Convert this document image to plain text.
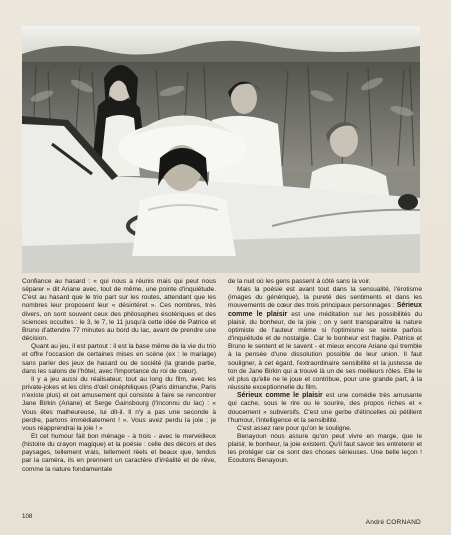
Confiance au hasard : « qui nous a réunis mais qui peut nous séparer » dit Ariane avec, tout de même, une pointe d'inquiétude. C'est au hasard que le trio part sur les routes, attendant que les nombres leur proposent leur « désintéret ». Ces nombres, très divers, on sont souvent ceux des philosophes ésotériques et des sciences occultes : le 3, le 7, le 11 jusqu'à cette idée de Patrice et Bruno d'attendre 77 minutes au bord du lac, avant de prendre une décision.

Quant au jeu, il est partout : il est la base même de la vie du trio et offre l'occasion de certaines mises en scène (ex : le mariage) sans parler des jeux de hasard ou de société (la grande partie, dans les salons de l'hôtel, avec l'importance du roi de cœur).

Il y a jeu aussi du réalisateur, tout au long du film, avec les private-jokes et les clins d'œil cinéphiliques (Paris dimanche, Paris n'existe plus) et cet amusement qui consiste à faire se rencontrer Jane Birkin (Ariane) et Serge Gainsbourg (l'inconnu du lac) : « Vous êtes malheureuse, lui dit-il. Il n'y a pas une seconde à perdre, partons immédiatement ! ». Vous avez perdu la joie ; je vous réapprendrai la joie ! »

Et cet humour fait bon ménage - à trois - avec le merveilleux (histoire du crayon magique) et la poésie : celle des décors et des paysages, tellement vrais, tellement réels et beaux que, tendus par la caméra, ils en prennent un caractère d'irréalité et de rêve, comme la nature fondamentale

de la nuit où les gens passent à côté sans la voir.

Mais la poésie est avant tout dans la sensualité, l'érotisme (images du générique), la pureté des sentiments et dans les mouvements de cœur des trois principaux personnages : Sérieux comme le plaisir est une méditation sur les possibilités du plaisir, du bonheur, de la joie ; on y sent transparaître la nature optimiste de l'auteur même si l'optimisme se teinte parfois d'inquiétude et de nostalgie. Car le bonheur est fragile. Patrice et Bruno le sentent et le savent - et mieux encore Ariane qui tremble à la pensée d'une dissolution possible de leur union. Il faut souligner, à cet égard, l'extraordinaire sensibilité et la justesse de ton de Jane Birkin qui a trouvé là un de ses meilleurs rôles. Elle le vit plus qu'elle ne le joue et contribue, pour une grande part, à la réussite exceptionnelle du film.

Sérieux comme le plaisir est une comédie très amusante qui cache, sous le rire ou le sourire, des propos riches et « doucement » subversifs. C'est une gerbe d'étincelles où pétillent l'humour, l'intelligence et la sensibilité.

C'est assez rare pour qu'on le souligne.

Benayoun nous assure qu'on peut vivre en marge, que le plaisir, le bonheur, la joie existent. Qu'il faut savoir les entretenir et les protéger car ce sont des choses sérieuses. Une belle leçon ! Ecoutons Benayoun.

108
André CORNAND
